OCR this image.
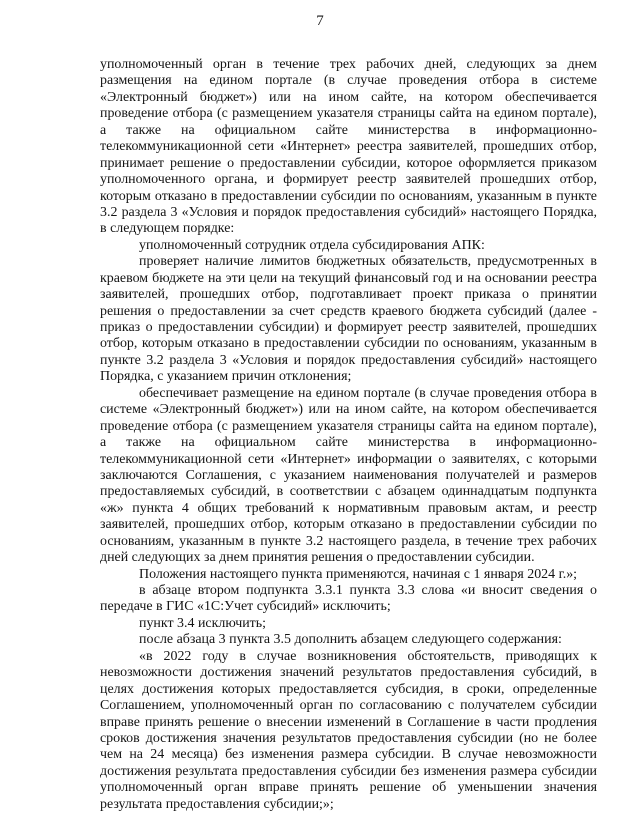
7

уполномоченный орган в течение трех рабочих дней, следующих за днем размещения на едином портале (в случае проведения отбора в системе «Электронный бюджет») или на ином сайте, на котором обеспечивается проведение отбора (с размещением указателя страницы сайта на едином портале), а также на официальном сайте министерства в информационно-телекоммуникационной сети «Интернет» реестра заявителей, прошедших отбор, принимает решение о предоставлении субсидии, которое оформляется приказом уполномоченного органа, и формирует реестр заявителей прошедших отбор, которым отказано в предоставлении субсидии по основаниям, указанным в пункте 3.2 раздела 3 «Условия и порядок предоставления субсидий» настоящего Порядка, в следующем порядке:

уполномоченный сотрудник отдела субсидирования АПК:

проверяет наличие лимитов бюджетных обязательств, предусмотренных в краевом бюджете на эти цели на текущий финансовый год и на основании реестра заявителей, прошедших отбор, подготавливает проект приказа о принятии решения о предоставлении за счет средств краевого бюджета субсидий (далее - приказ о предоставлении субсидии) и формирует реестр заявителей, прошедших отбор, которым отказано в предоставлении субсидии по основаниям, указанным в пункте 3.2 раздела 3 «Условия и порядок предоставления субсидий» настоящего Порядка, с указанием причин отклонения;

обеспечивает размещение на едином портале (в случае проведения отбора в системе «Электронный бюджет») или на ином сайте, на котором обеспечивается проведение отбора (с размещением указателя страницы сайта на едином портале), а также на официальном сайте министерства в информационно-телекоммуникационной сети «Интернет» информации о заявителях, с которыми заключаются Соглашения, с указанием наименования получателей и размеров предоставляемых субсидий, в соответствии с абзацем одиннадцатым подпункта «ж» пункта 4 общих требований к нормативным правовым актам, и реестр заявителей, прошедших отбор, которым отказано в предоставлении субсидии по основаниям, указанным в пункте 3.2 настоящего раздела, в течение трех рабочих дней следующих за днем принятия решения о предоставлении субсидии.

Положения настоящего пункта применяются, начиная с 1 января 2024 г.»;

в абзаце втором подпункта 3.3.1 пункта 3.3 слова «и вносит сведения о передаче в ГИС «1С:Учет субсидий» исключить;

пункт 3.4 исключить;

после абзаца 3 пункта 3.5 дополнить абзацем следующего содержания:

«в 2022 году в случае возникновения обстоятельств, приводящих к невозможности достижения значений результатов предоставления субсидий, в целях достижения которых предоставляется субсидия, в сроки, определенные Соглашением, уполномоченный орган по согласованию с получателем субсидии вправе принять решение о внесении изменений в Соглашение в части продления сроков достижения значения результатов предоставления субсидии (но не более чем на 24 месяца) без изменения размера субсидии. В случае невозможности достижения результата предоставления субсидии без изменения размера субсидии уполномоченный орган вправе принять решение об уменьшении значения результата предоставления субсидии;»;
